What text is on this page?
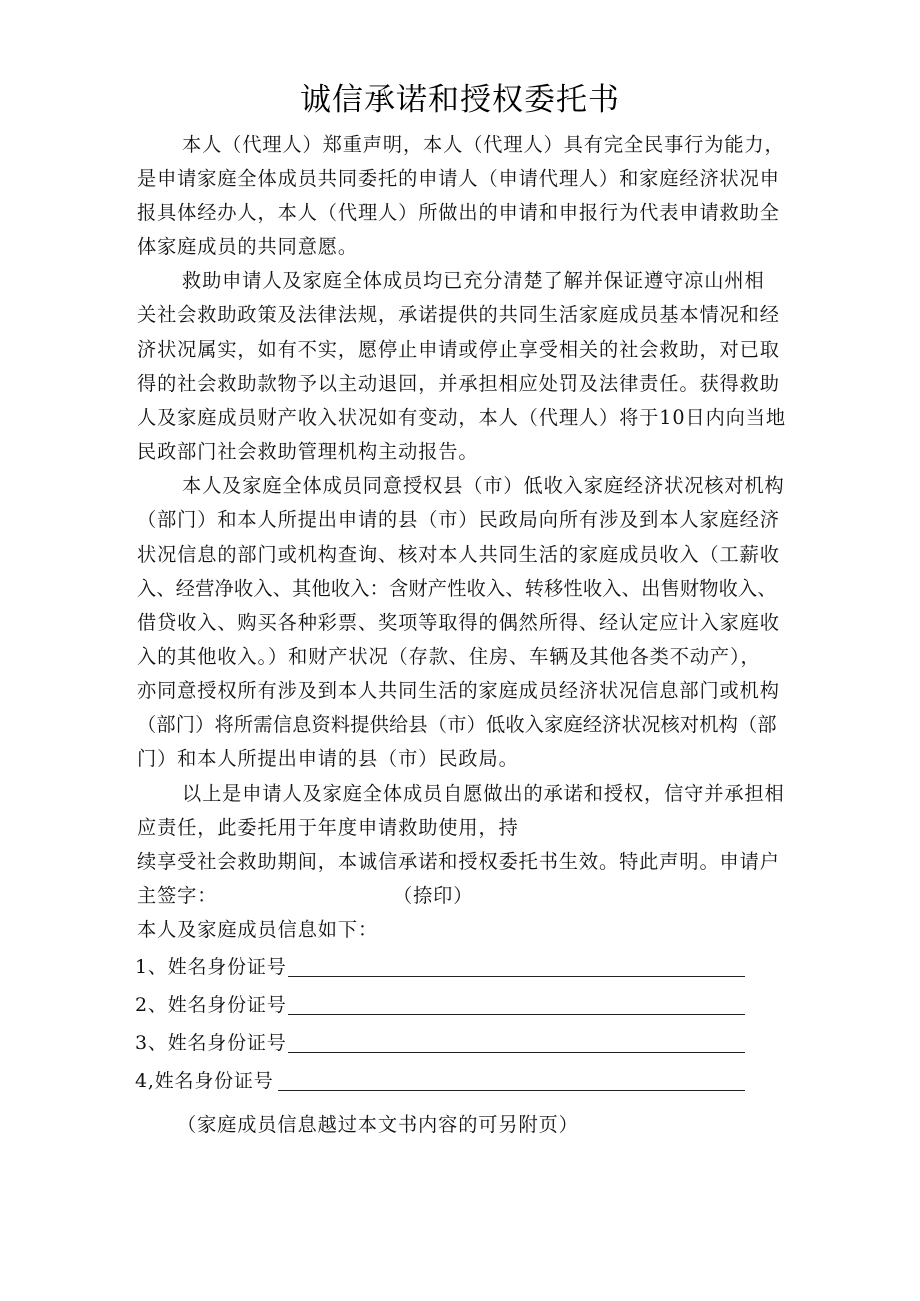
诚信承诺和授权委托书
本人（代理人）郑重声明，本人（代理人）具有完全民事行为能力，
是申请家庭全体成员共同委托的申请人（申请代理人）和家庭经济状况申
报具体经办人，本人（代理人）所做出的申请和申报行为代表申请救助全
体家庭成员的共同意愿。
救助申请人及家庭全体成员均已充分清楚了解并保证遵守凉山州相
关社会救助政策及法律法规，承诺提供的共同生活家庭成员基本情况和经
济状况属实，如有不实，愿停止申请或停止享受相关的社会救助，对已取
得的社会救助款物予以主动退回，并承担相应处罚及法律责任。获得救助
人及家庭成员财产收入状况如有变动，本人（代理人）将于10日内向当地
民政部门社会救助管理机构主动报告。
本人及家庭全体成员同意授权县（市）低收入家庭经济状况核对机构
（部门）和本人所提出申请的县（市）民政局向所有涉及到本人家庭经济
状况信息的部门或机构查询、核对本人共同生活的家庭成员收入（工薪收
入、经营净收入、其他收入：含财产性收入、转移性收入、出售财物收入、
借贷收入、购买各种彩票、奖项等取得的偶然所得、经认定应计入家庭收
入的其他收入。）和财产状况（存款、住房、车辆及其他各类不动产），
亦同意授权所有涉及到本人共同生活的家庭成员经济状况信息部门或机构
（部门）将所需信息资料提供给县（市）低收入家庭经济状况核对机构（部
门）和本人所提出申请的县（市）民政局。
以上是申请人及家庭全体成员自愿做出的承诺和授权，信守并承担相
应责任，此委托用于年度申请救助使用，持
续享受社会救助期间，本诚信承诺和授权委托书生效。特此声明。申请户
主签字：	（捺印）
本人及家庭成员信息如下：
1、姓名身份证号
2、姓名身份证号
3、姓名身份证号
4,姓名身份证号
（家庭成员信息越过本文书内容的可另附页）
